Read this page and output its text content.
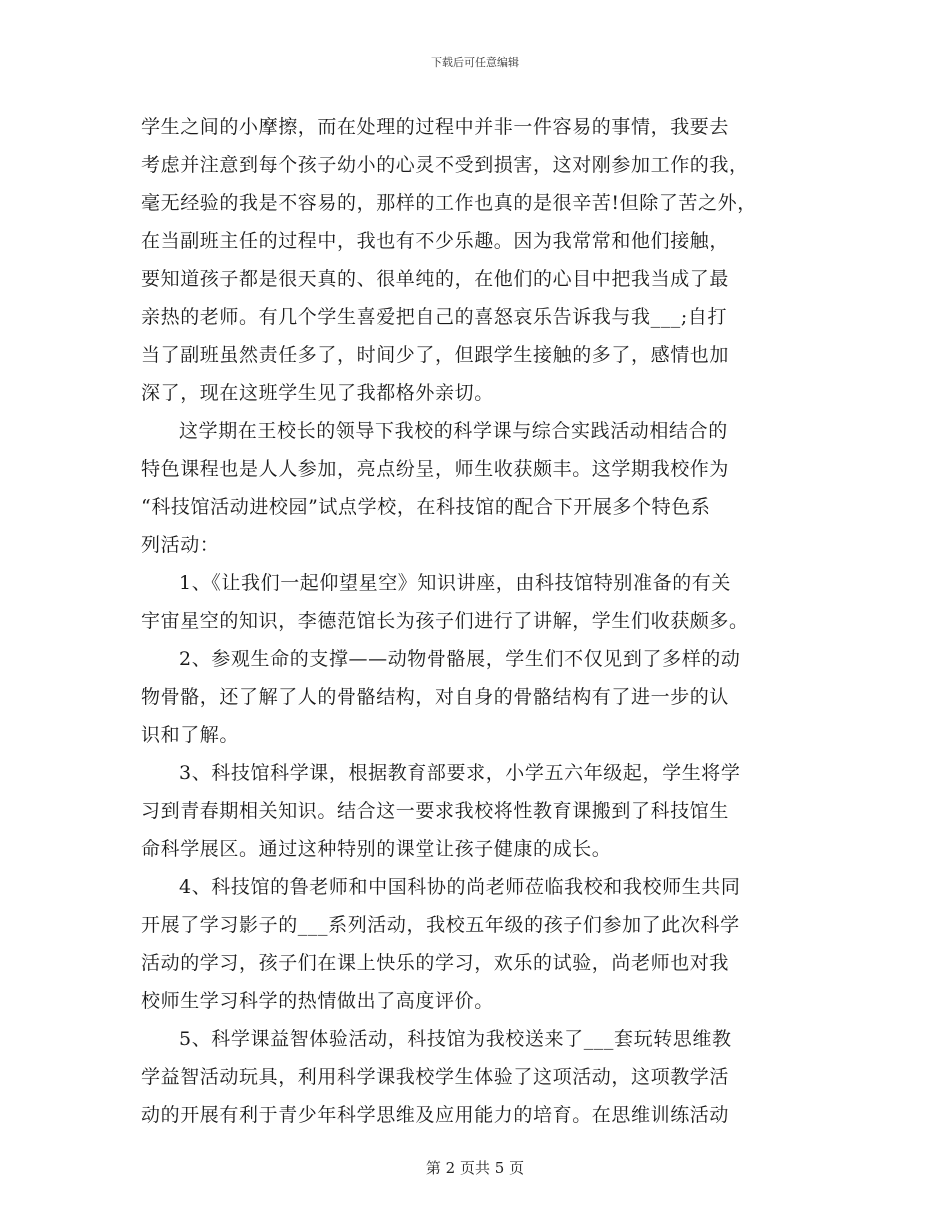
下载后可任意编辑
学生之间的小摩擦，而在处理的过程中并非一件容易的事情，我要去
考虑并注意到每个孩子幼小的心灵不受到损害，这对刚参加工作的我，
毫无经验的我是不容易的，那样的工作也真的是很辛苦!但除了苦之外，
在当副班主任的过程中，我也有不少乐趣。因为我常常和他们接触，
要知道孩子都是很天真的、很单纯的，在他们的心目中把我当成了最
亲热的老师。有几个学生喜爱把自己的喜怒哀乐告诉我与我___;自打
当了副班虽然责任多了，时间少了，但跟学生接触的多了，感情也加
深了，现在这班学生见了我都格外亲切。
这学期在王校长的领导下我校的科学课与综合实践活动相结合的
特色课程也是人人参加，亮点纷呈，师生收获颇丰。这学期我校作为
“科技馆活动进校园”试点学校，在科技馆的配合下开展多个特色系
列活动：
1、《让我们一起仰望星空》知识讲座，由科技馆特别准备的有关
宇宙星空的知识，李德范馆长为孩子们进行了讲解，学生们收获颇多。
2、参观生命的支撑——动物骨骼展，学生们不仅见到了多样的动
物骨骼，还了解了人的骨骼结构，对自身的骨骼结构有了进一步的认
识和了解。
3、科技馆科学课，根据教育部要求，小学五六年级起，学生将学
习到青春期相关知识。结合这一要求我校将性教育课搬到了科技馆生
命科学展区。通过这种特别的课堂让孩子健康的成长。
4、科技馆的鲁老师和中国科协的尚老师莅临我校和我校师生共同
开展了学习影子的___系列活动，我校五年级的孩子们参加了此次科学
活动的学习，孩子们在课上快乐的学习，欢乐的试验，尚老师也对我
校师生学习科学的热情做出了高度评价。
5、科学课益智体验活动，科技馆为我校送来了___套玩转思维教
学益智活动玩具，利用科学课我校学生体验了这项活动，这项教学活
动的开展有利于青少年科学思维及应用能力的培育。在思维训练活动
第 2 页共 5 页
